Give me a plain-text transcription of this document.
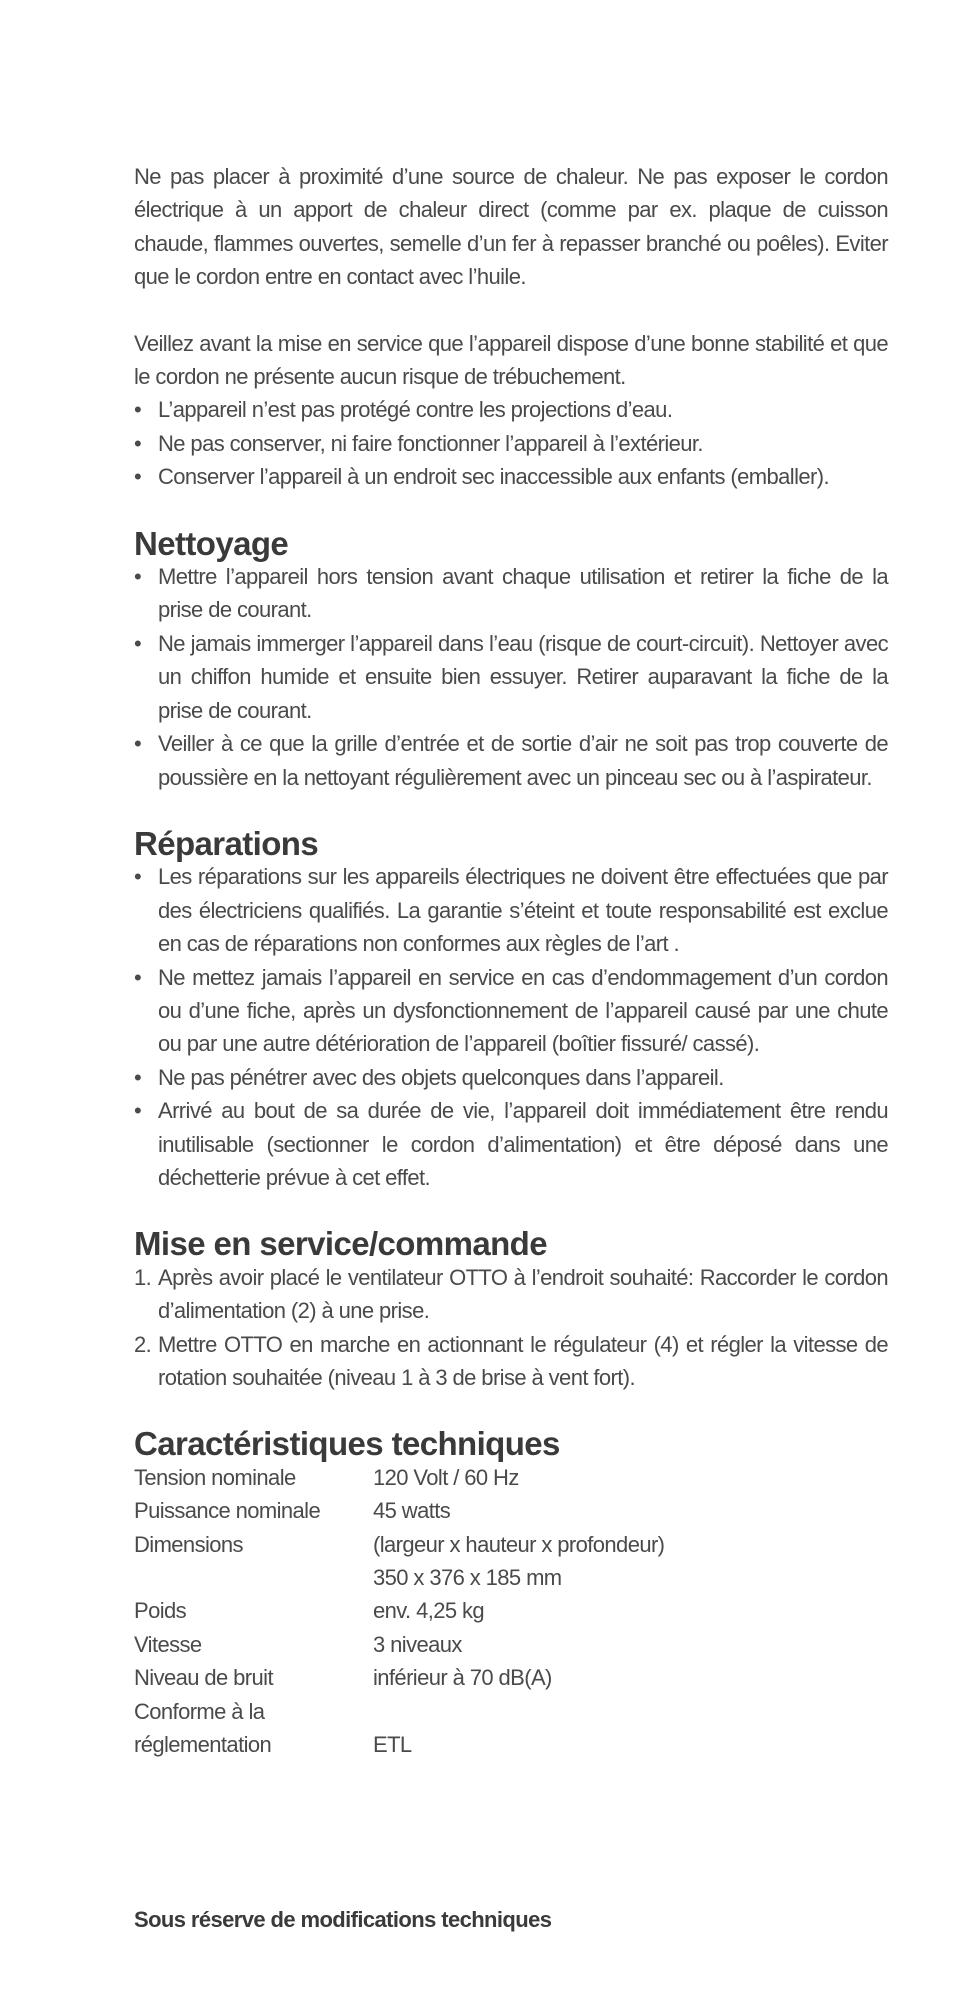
Ne pas placer à proximité d’une source de chaleur. Ne pas exposer le cordon électrique à un apport de chaleur direct (comme par ex. plaque de cuisson chaude, flammes ouvertes, semelle d’un fer à repasser branché ou poêles). Eviter que le cordon entre en contact avec l’huile.

Veillez avant la mise en service que l’appareil dispose d’une bonne stabilité et que le cordon ne présente aucun risque de trébuchement.

• L’appareil n’est pas protégé contre les projections d’eau.
• Ne pas conserver, ni faire fonctionner l’appareil à l’extérieur.
• Conserver l’appareil à un endroit sec inaccessible aux enfants (emballer).
Nettoyage
• Mettre l’appareil hors tension avant chaque utilisation et retirer la fiche de la prise de courant.
• Ne jamais immerger l’appareil dans l’eau (risque de court-circuit). Nettoyer avec un chiffon humide et ensuite bien essuyer. Retirer auparavant la fiche de la prise de courant.
• Veiller à ce que la grille d’entrée et de sortie d’air ne soit pas trop couverte de poussière en la nettoyant régulièrement avec un pinceau sec ou à l’aspirateur.
Réparations
• Les réparations sur les appareils électriques ne doivent être effectuées que par des électriciens qualifiés. La garantie s’éteint et toute responsabilité est exclue en cas de réparations non conformes aux règles de l’art .
• Ne mettez jamais l’appareil en service en cas d’endommagement d’un cordon ou d’une fiche, après un dysfonctionnement de l’appareil causé par une chute ou par une autre détérioration de l’appareil (boîtier fissuré/ cassé).
• Ne pas pénétrer avec des objets quelconques dans l’appareil.
• Arrivé au bout de sa durée de vie, l’appareil doit immédiatement être rendu inutilisable (sectionner le cordon d’alimentation) et être déposé dans une déchetterie prévue à cet effet.
Mise en service/commande
1. Après avoir placé le ventilateur OTTO à l’endroit souhaité: Raccorder le cordon d’alimentation (2) à une prise.
2. Mettre OTTO en marche en actionnant le régulateur (4) et régler la vitesse de rotation souhaitée (niveau 1 à 3 de brise à vent fort).
Caractéristiques techniques
Tension nominale	120 Volt / 60 Hz
Puissance nominale	45 watts
Dimensions	(largeur x hauteur x profondeur)
	350 x 376 x 185 mm
Poids	env. 4,25 kg
Vitesse	3 niveaux
Niveau de bruit	inférieur à 70 dB(A)
Conforme à la	
réglementation	ETL
Sous réserve de modifications techniques
